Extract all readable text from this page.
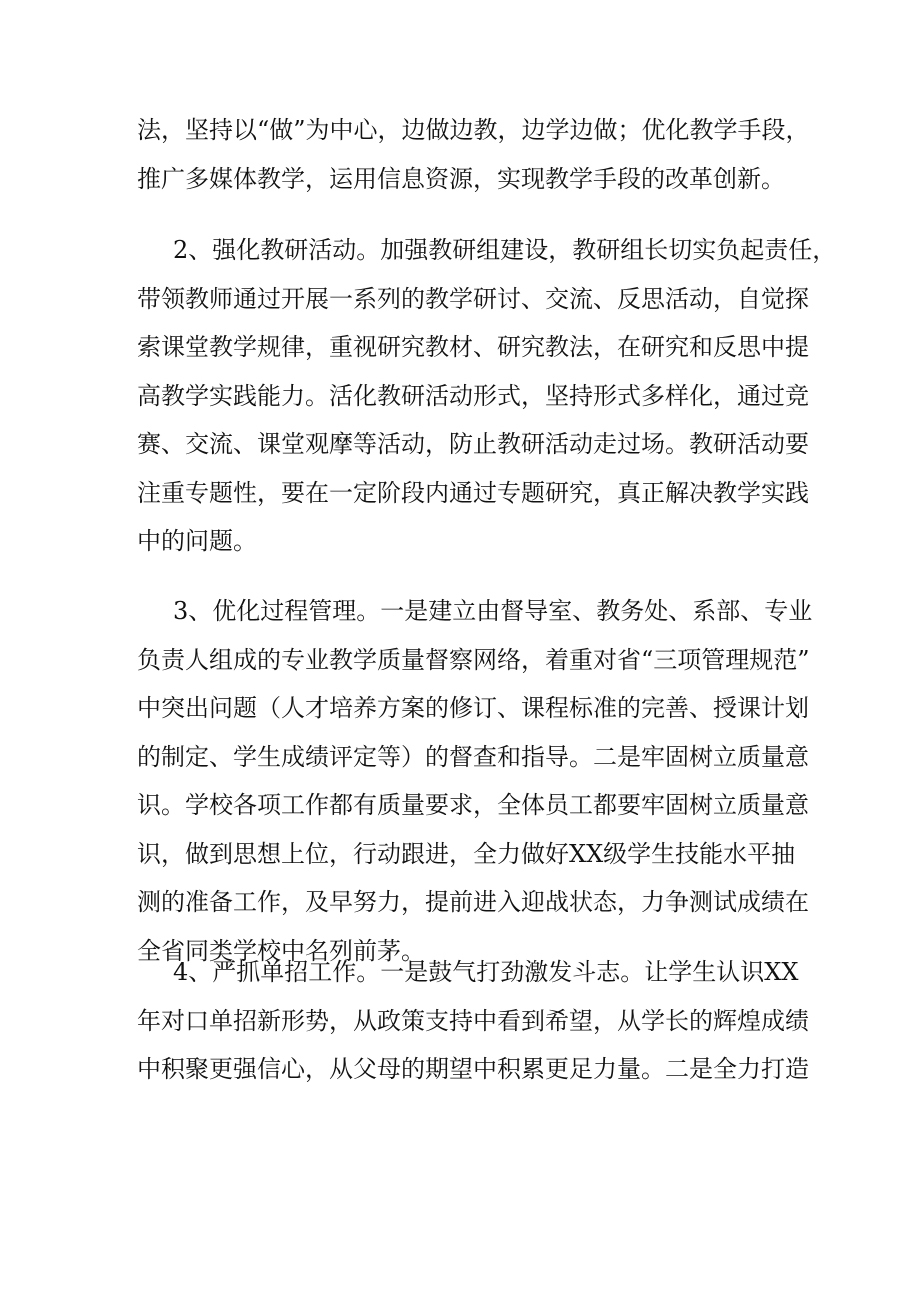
法，坚持以“做”为中心，边做边教，边学边做；优化教学手段，
推广多媒体教学，运用信息资源，实现教学手段的改革创新。
2、强化教研活动。加强教研组建设，教研组长切实负起责任，
带领教师通过开展一系列的教学研讨、交流、反思活动，自觉探
索课堂教学规律，重视研究教材、研究教法，在研究和反思中提
高教学实践能力。活化教研活动形式，坚持形式多样化，通过竞
赛、交流、课堂观摩等活动，防止教研活动走过场。教研活动要
注重专题性，要在一定阶段内通过专题研究，真正解决教学实践
中的问题。
3、优化过程管理。一是建立由督导室、教务处、系部、专业
负责人组成的专业教学质量督察网络，着重对省“三项管理规范”
中突出问题（人才培养方案的修订、课程标准的完善、授课计划
的制定、学生成绩评定等）的督查和指导。二是牢固树立质量意
识。学校各项工作都有质量要求，全体员工都要牢固树立质量意
识，做到思想上位，行动跟进，全力做好XX级学生技能水平抽
测的准备工作，及早努力，提前进入迎战状态，力争测试成绩在
全省同类学校中名列前茅。
4、严抓单招工作。一是鼓气打劲激发斗志。让学生认识XX
年对口单招新形势，从政策支持中看到希望，从学长的辉煌成绩
中积聚更强信心，从父母的期望中积累更足力量。二是全力打造
